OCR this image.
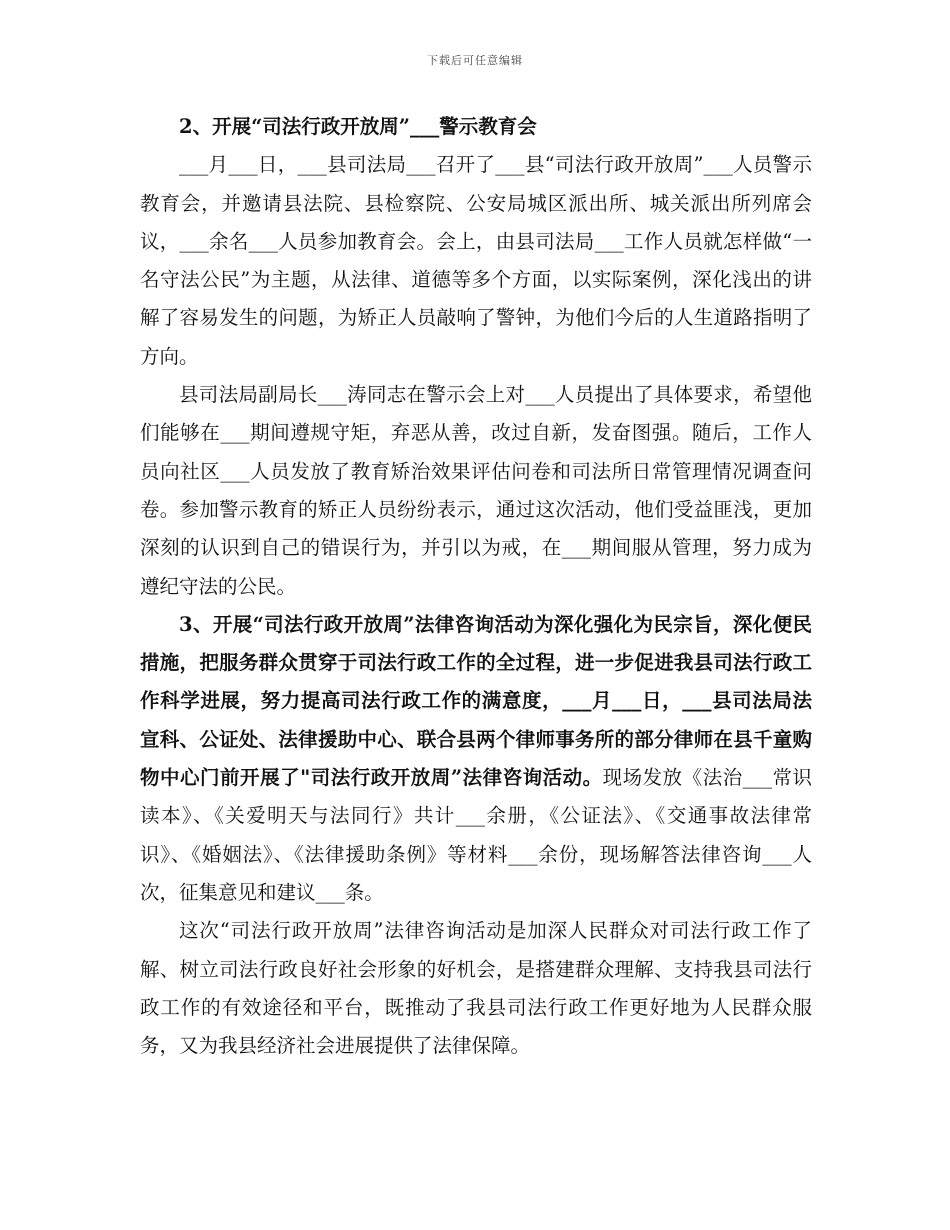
下载后可任意编辑

2、开展“司法行政开放周”___警示教育会

___月___日，___县司法局___召开了___县“司法行政开放周”___人员警示教育会，并邀请县法院、县检察院、公安局城区派出所、城关派出所列席会议，___余名___人员参加教育会。会上，由县司法局___工作人员就怎样做“一名守法公民”为主题，从法律、道德等多个方面，以实际案例，深化浅出的讲解了容易发生的问题，为矫正人员敲响了警钟，为他们今后的人生道路指明了方向。

县司法局副局长___涛同志在警示会上对___人员提出了具体要求，希望他们能够在___期间遵规守矩，弃恶从善，改过自新，发奋图强。随后，工作人员向社区___人员发放了教育矫治效果评估问卷和司法所日常管理情况调查问卷。参加警示教育的矫正人员纷纷表示，通过这次活动，他们受益匪浅，更加深刻的认识到自己的错误行为，并引以为戒，在___期间服从管理，努力成为遵纪守法的公民。

3、开展“司法行政开放周”法律咨询活动为深化强化为民宗旨，深化便民措施，把服务群众贯穿于司法行政工作的全过程，进一步促进我县司法行政工作科学进展，努力提高司法行政工作的满意度，___月___日，___县司法局法宣科、公证处、法律援助中心、联合县两个律师事务所的部分律师在县千童购物中心门前开展了"司法行政开放周”法律咨询活动。现场发放《法治___常识读本》、《关爱明天与法同行》共计___余册，《公证法》、《交通事故法律常识》、《婚姻法》、《法律援助条例》等材料___余份，现场解答法律咨询___人次，征集意见和建议___条。

这次“司法行政开放周”法律咨询活动是加深人民群众对司法行政工作了解、树立司法行政良好社会形象的好机会，是搭建群众理解、支持我县司法行政工作的有效途径和平台，既推动了我县司法行政工作更好地为人民群众服务，又为我县经济社会进展提供了法律保障。
